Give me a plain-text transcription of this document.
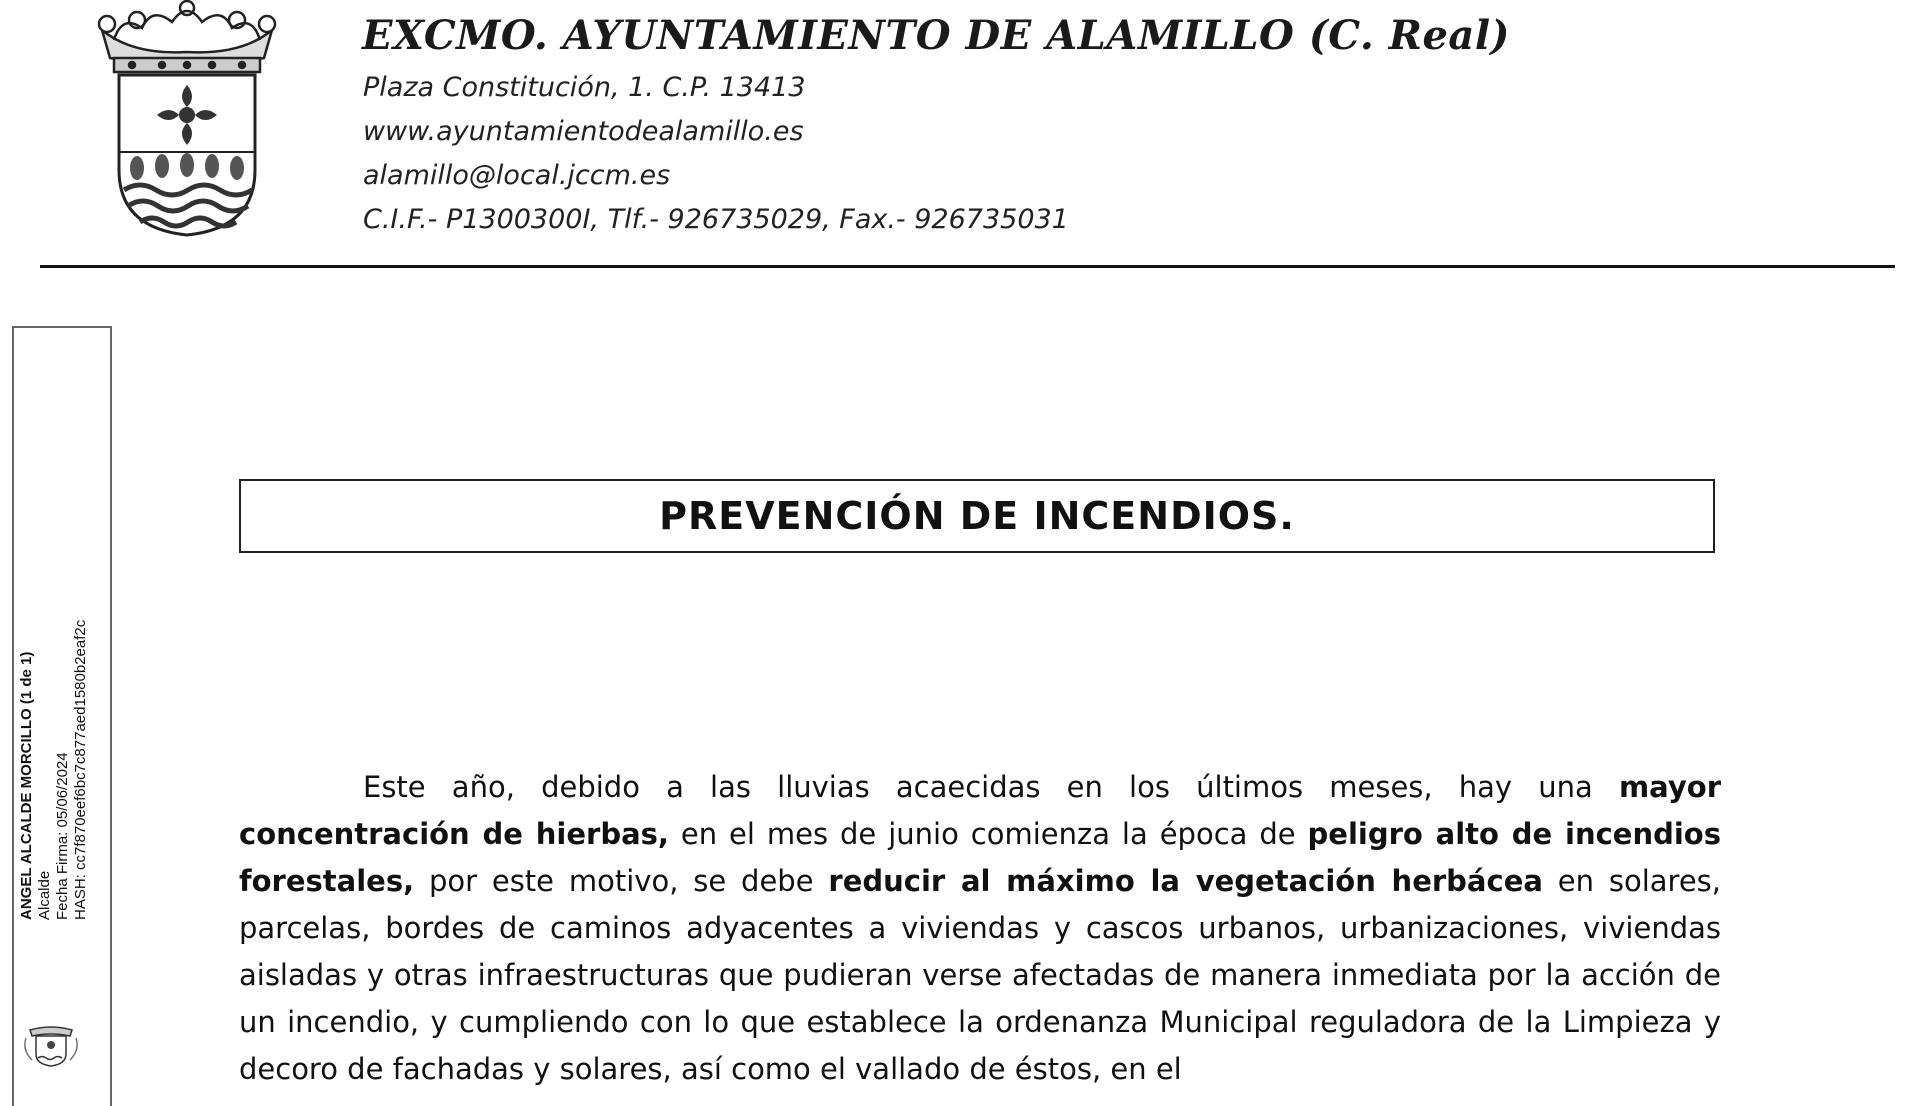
EXCMO. AYUNTAMIENTO DE ALAMILLO (C. Real)
Plaza Constitución, 1. C.P. 13413
www.ayuntamientodealamillo.es
alamillo@local.jccm.es
C.I.F.- P1300300I, Tlf.- 926735029, Fax.- 926735031
ANGEL ALCALDE MORCILLO (1 de 1) Alcalde Fecha Firma: 05/06/2024 HASH: cc7f870eef6bc7c877aed1580b2eaf2c
PREVENCIÓN DE INCENDIOS.

Este año, debido a las lluvias acaecidas en los últimos meses, hay una mayor concentración de hierbas, en el mes de junio comienza la época de peligro alto de incendios forestales, por este motivo, se debe reducir al máximo la vegetación herbácea en solares, parcelas, bordes de caminos adyacentes a viviendas y cascos urbanos, urbanizaciones, viviendas aisladas y otras infraestructuras que pudieran verse afectadas de manera inmediata por la acción de un incendio, y cumpliendo con lo que establece la ordenanza Municipal reguladora de la Limpieza y decoro de fachadas y solares, así como el vallado de éstos, en el
